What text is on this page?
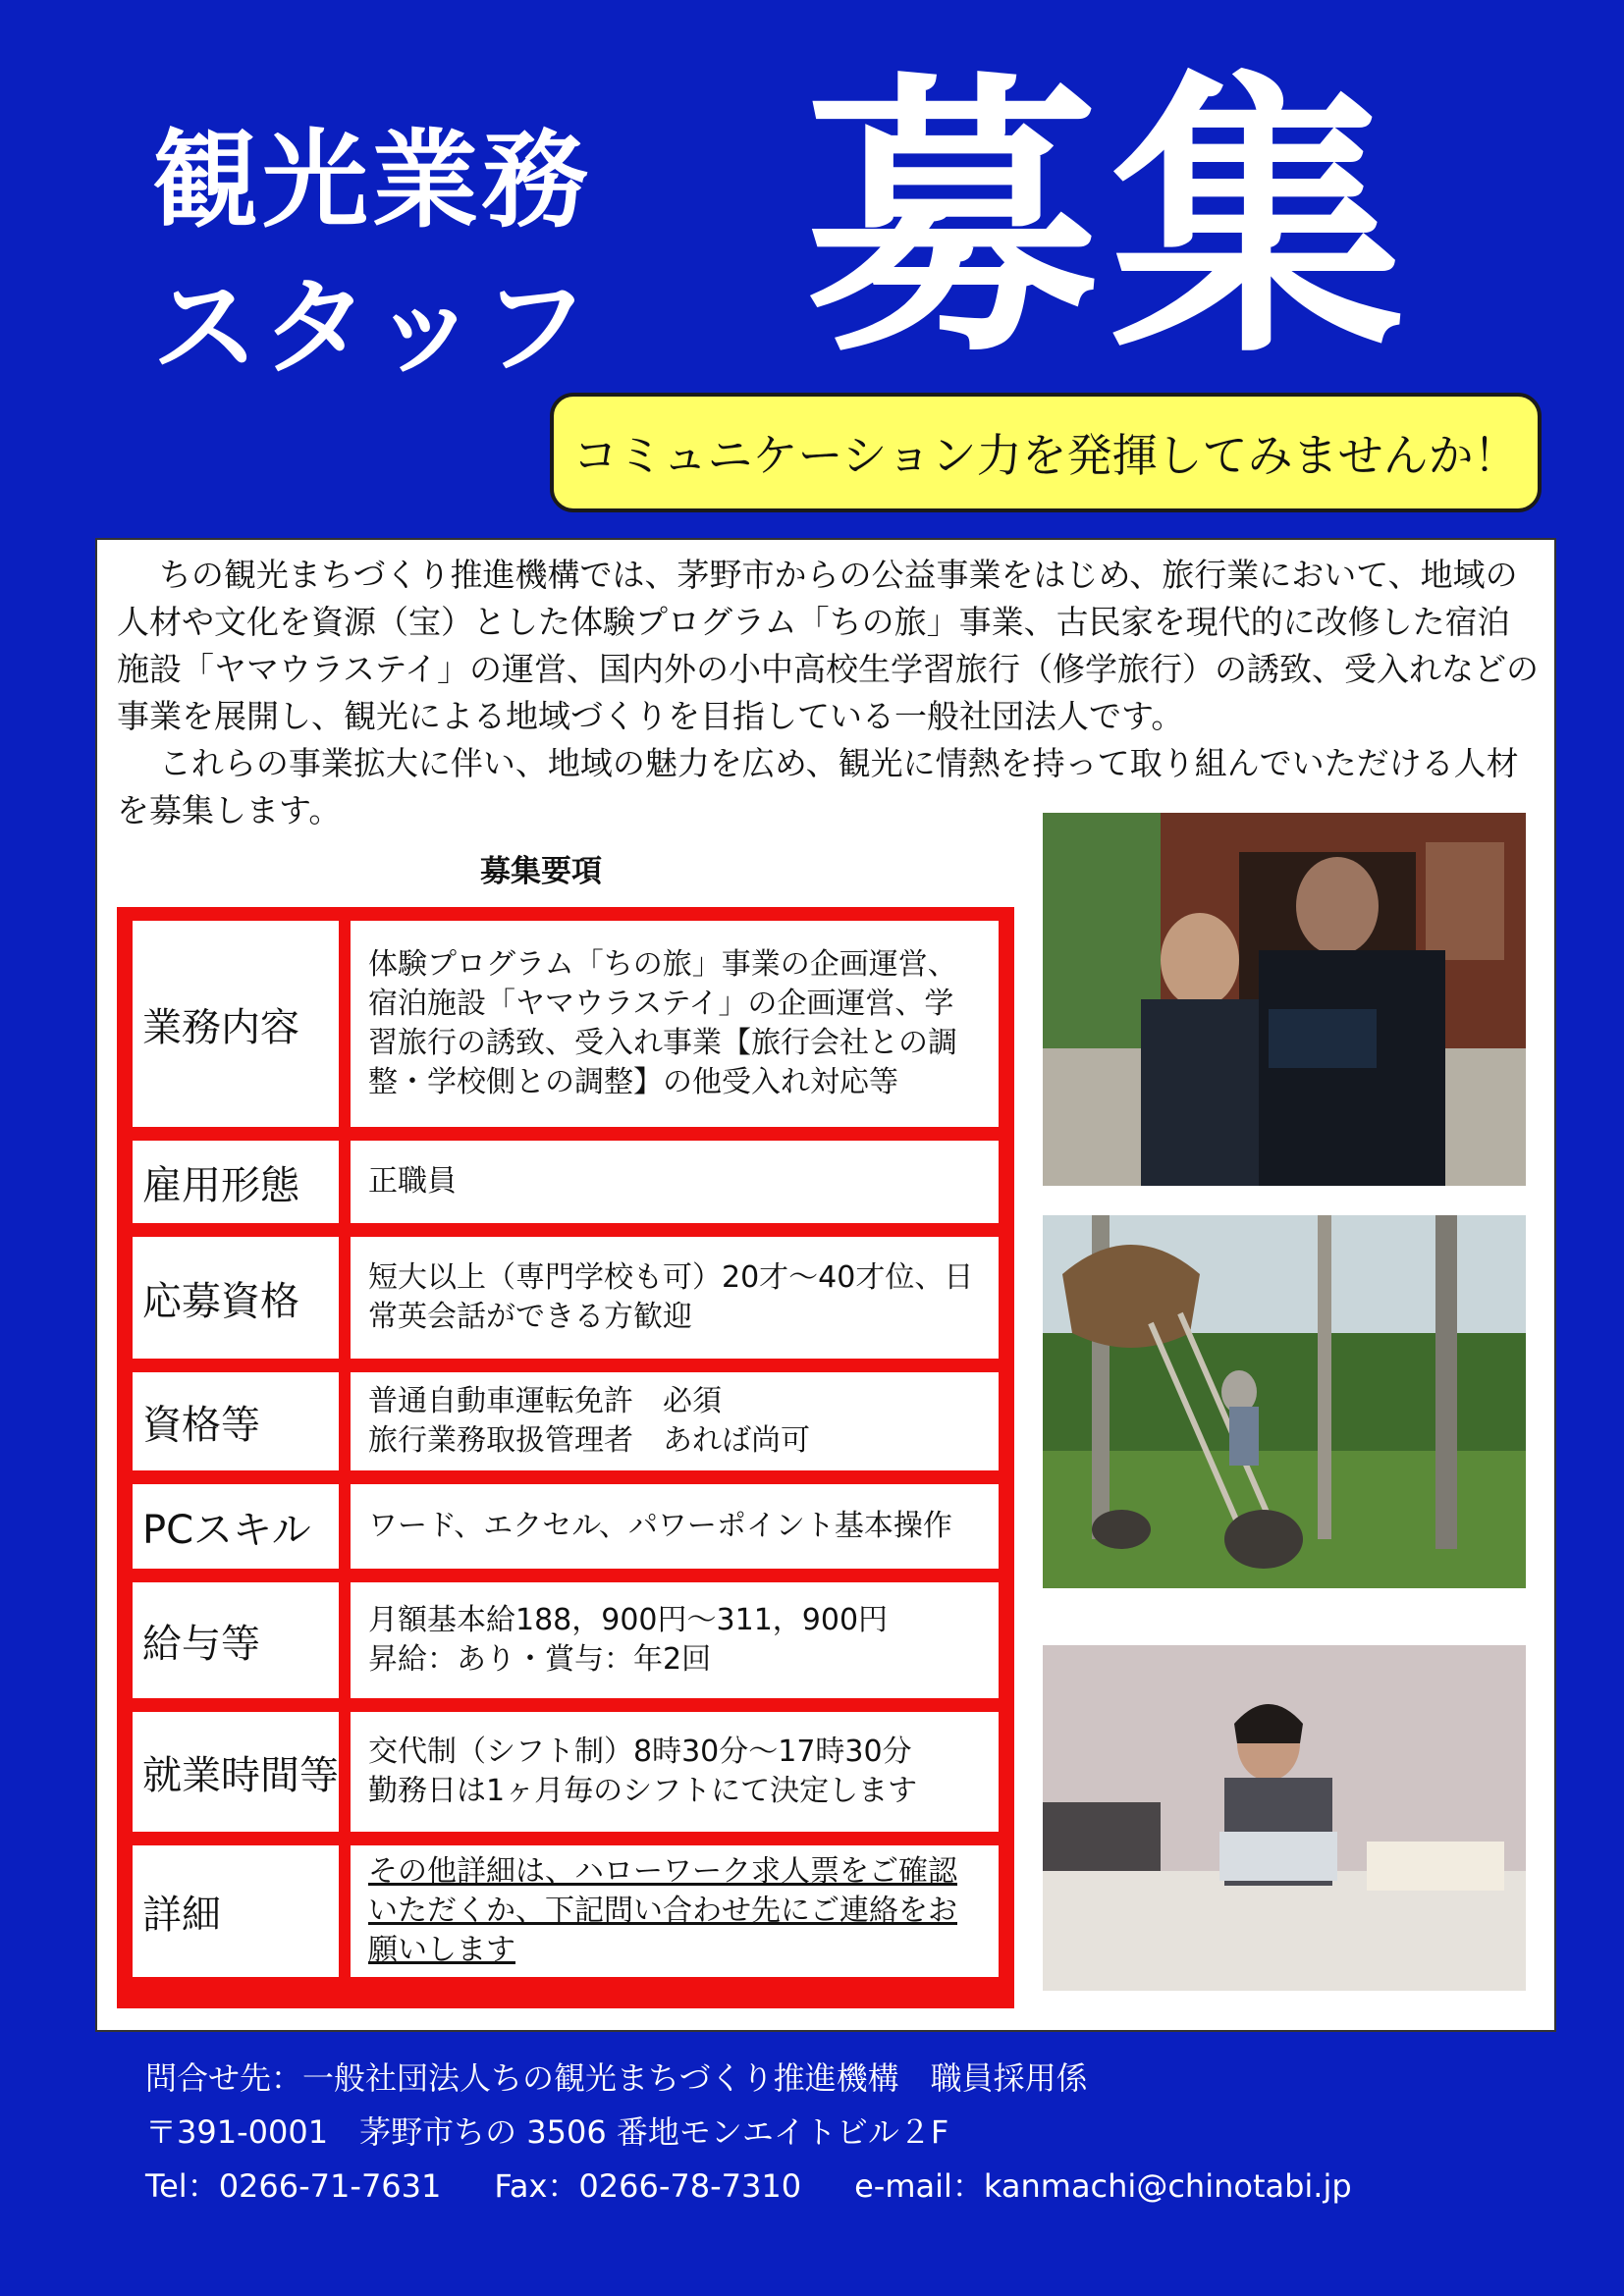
観光業務
スタッフ 募集
コミュニケーション力を発揮してみませんか！

ちの観光まちづくり推進機構では、茅野市からの公益事業をはじめ、旅行業において、地域の人材や文化を資源（宝）とした体験プログラム「ちの旅」事業、古民家を現代的に改修した宿泊施設「ヤマウラステイ」の運営、国内外の小中高校生学習旅行（修学旅行）の誘致、受入れなどの事業を展開し、観光による地域づくりを目指している一般社団法人です。

これらの事業拡大に伴い、地域の魅力を広め、観光に情熱を持って取り組んでいただける人材を募集します。

募集要項
業務内容
体験プログラム「ちの旅」事業の企画運営、宿泊施設「ヤマウラステイ」の企画運営、学習旅行の誘致、受入れ事業【旅行会社との調整・学校側との調整】の他受入れ対応等
雇用形態	正職員
応募資格
短大以上（専門学校も可）20才～40才位、日常英会話ができる方歓迎
資格等
普通自動車運転免許　必須
旅行業務取扱管理者　あれば尚可
PCスキル	ワード、エクセル、パワーポイント基本操作
給与等
月額基本給188，900円～311，900円
昇給：あり・賞与：年2回
就業時間等
交代制（シフト制）8時30分～17時30分
勤務日は1ヶ月毎のシフトにて決定します
詳細
その他詳細は、ハローワーク求人票をご確認いただくか、下記問い合わせ先にご連絡をお願いします
問合せ先：一般社団法人ちの観光まちづくり推進機構　職員採用係
〒391-0001　茅野市ちの 3506 番地モンエイトビル２F
Tel：0266-71-7631 Fax：0266-78-7310 e-mail：kanmachi@chinotabi.jp
